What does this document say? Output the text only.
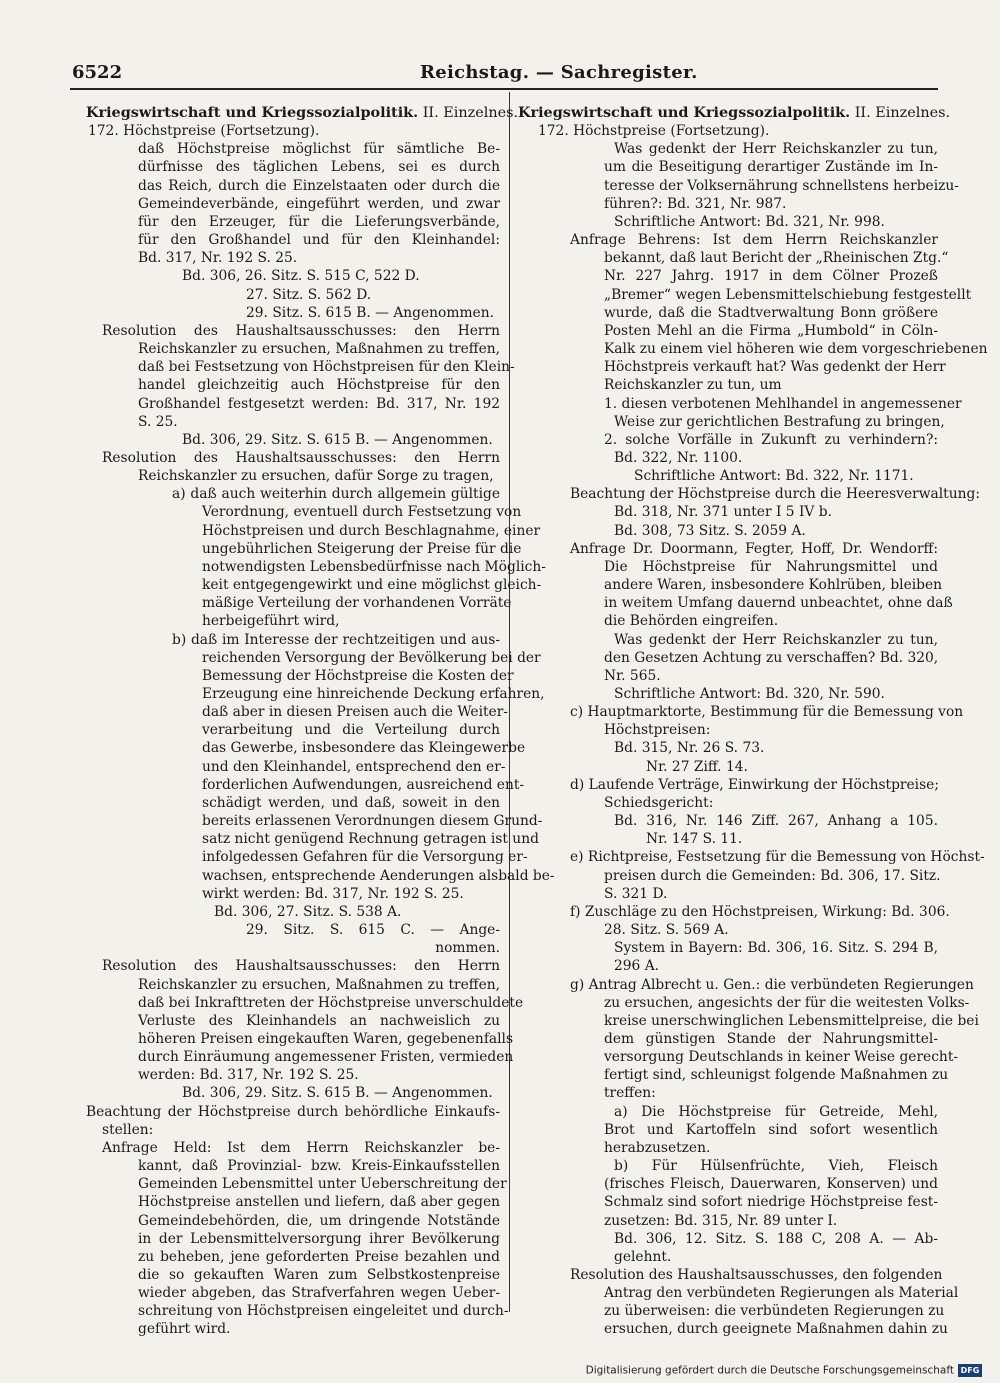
6522	Reichstag. — Sachregister.
Kriegswirtschaft und Kriegssozialpolitik. II. Einzelnes.
172. Höchstpreise (Fortsetzung).
daß Höchstpreise möglichst für sämtliche Be-
dürfnisse des täglichen Lebens, sei es durch
das Reich, durch die Einzelstaaten oder durch die
Gemeindeverbände, eingeführt werden, und zwar
für den Erzeuger, für die Lieferungsverbände,
für den Großhandel und für den Kleinhandel:
Bd. 317, Nr. 192 S. 25.
Bd. 306, 26. Sitz. S. 515 C, 522 D.
27. Sitz. S. 562 D.
29. Sitz. S. 615 B. — Angenommen.
Resolution des Haushaltsausschusses: den Herrn
Reichskanzler zu ersuchen, Maßnahmen zu treffen,
daß bei Festsetzung von Höchstpreisen für den Klein-
handel gleichzeitig auch Höchstpreise für den
Großhandel festgesetzt werden: Bd. 317, Nr. 192
S. 25.
Bd. 306, 29. Sitz. S. 615 B. — Angenommen.
Resolution des Haushaltsausschusses: den Herrn
Reichskanzler zu ersuchen, dafür Sorge zu tragen,
a) daß auch weiterhin durch allgemein gültige
Verordnung, eventuell durch Festsetzung von
Höchstpreisen und durch Beschlagnahme, einer
ungebührlichen Steigerung der Preise für die
notwendigsten Lebensbedürfnisse nach Möglich-
keit entgegengewirkt und eine möglichst gleich-
mäßige Verteilung der vorhandenen Vorräte
herbeigeführt wird,
b) daß im Interesse der rechtzeitigen und aus-
reichenden Versorgung der Bevölkerung bei der
Bemessung der Höchstpreise die Kosten der
Erzeugung eine hinreichende Deckung erfahren,
daß aber in diesen Preisen auch die Weiter-
verarbeitung und die Verteilung durch
das Gewerbe, insbesondere das Kleingewerbe
und den Kleinhandel, entsprechend den er-
forderlichen Aufwendungen, ausreichend ent-
schädigt werden, und daß, soweit in den
bereits erlassenen Verordnungen diesem Grund-
satz nicht genügend Rechnung getragen ist und
infolgedessen Gefahren für die Versorgung er-
wachsen, entsprechende Aenderungen alsbald be-
wirkt werden: Bd. 317, Nr. 192 S. 25.
Bd. 306, 27. Sitz. S. 538 A.
29. Sitz. S. 615 C. — Ange-
nommen.
Resolution des Haushaltsausschusses: den Herrn
Reichskanzler zu ersuchen, Maßnahmen zu treffen,
daß bei Inkrafttreten der Höchstpreise unverschuldete
Verluste des Kleinhandels an nachweislich zu
höheren Preisen eingekauften Waren, gegebenenfalls
durch Einräumung angemessener Fristen, vermieden
werden: Bd. 317, Nr. 192 S. 25.
Bd. 306, 29. Sitz. S. 615 B. — Angenommen.
Beachtung der Höchstpreise durch behördliche Einkaufs-
stellen:
Anfrage Held: Ist dem Herrn Reichskanzler be-
kannt, daß Provinzial- bzw. Kreis-Einkaufsstellen
Gemeinden Lebensmittel unter Ueberschreitung der
Höchstpreise anstellen und liefern, daß aber gegen
Gemeindebehörden, die, um dringende Notstände
in der Lebensmittelversorgung ihrer Bevölkerung
zu beheben, jene geforderten Preise bezahlen und
die so gekauften Waren zum Selbstkostenpreise
wieder abgeben, das Strafverfahren wegen Ueber-
schreitung von Höchstpreisen eingeleitet und durch-
geführt wird.
Kriegswirtschaft und Kriegssozialpolitik. II. Einzelnes.
172. Höchstpreise (Fortsetzung).
Was gedenkt der Herr Reichskanzler zu tun,
um die Beseitigung derartiger Zustände im In-
teresse der Volksernährung schnellstens herbeizu-
führen?: Bd. 321, Nr. 987.
Schriftliche Antwort: Bd. 321, Nr. 998.
Anfrage Behrens: Ist dem Herrn Reichskanzler
bekannt, daß laut Bericht der „Rheinischen Ztg.“
Nr. 227 Jahrg. 1917 in dem Cölner Prozeß
„Bremer“ wegen Lebensmittelschiebung festgestellt
wurde, daß die Stadtverwaltung Bonn größere
Posten Mehl an die Firma „Humbold“ in Cöln-
Kalk zu einem viel höheren wie dem vorgeschriebenen
Höchstpreis verkauft hat? Was gedenkt der Herr
Reichskanzler zu tun, um
1. diesen verbotenen Mehlhandel in angemessener
Weise zur gerichtlichen Bestrafung zu bringen,
2. solche Vorfälle in Zukunft zu verhindern?:
Bd. 322, Nr. 1100.
Schriftliche Antwort: Bd. 322, Nr. 1171.
Beachtung der Höchstpreise durch die Heeresverwaltung:
Bd. 318, Nr. 371 unter I 5 IV b.
Bd. 308, 73 Sitz. S. 2059 A.
Anfrage Dr. Doormann, Fegter, Hoff, Dr. Wendorff:
Die Höchstpreise für Nahrungsmittel und
andere Waren, insbesondere Kohlrüben, bleiben
in weitem Umfang dauernd unbeachtet, ohne daß
die Behörden eingreifen.
Was gedenkt der Herr Reichskanzler zu tun,
den Gesetzen Achtung zu verschaffen? Bd. 320,
Nr. 565.
Schriftliche Antwort: Bd. 320, Nr. 590.
c) Hauptmarktorte, Bestimmung für die Bemessung von
Höchstpreisen:
Bd. 315, Nr. 26 S. 73.
Nr. 27 Ziff. 14.
d) Laufende Verträge, Einwirkung der Höchstpreise;
Schiedsgericht:
Bd. 316, Nr. 146 Ziff. 267, Anhang a 105.
Nr. 147 S. 11.
e) Richtpreise, Festsetzung für die Bemessung von Höchst-
preisen durch die Gemeinden: Bd. 306, 17. Sitz.
S. 321 D.
f) Zuschläge zu den Höchstpreisen, Wirkung: Bd. 306.
28. Sitz. S. 569 A.
System in Bayern: Bd. 306, 16. Sitz. S. 294 B,
296 A.
g) Antrag Albrecht u. Gen.: die verbündeten Regierungen
zu ersuchen, angesichts der für die weitesten Volks-
kreise unerschwinglichen Lebensmittelpreise, die bei
dem günstigen Stande der Nahrungsmittel-
versorgung Deutschlands in keiner Weise gerecht-
fertigt sind, schleunigst folgende Maßnahmen zu
treffen:
a) Die Höchstpreise für Getreide, Mehl,
Brot und Kartoffeln sind sofort wesentlich
herabzusetzen.
b) Für Hülsenfrüchte, Vieh, Fleisch
(frisches Fleisch, Dauerwaren, Konserven) und
Schmalz sind sofort niedrige Höchstpreise fest-
zusetzen: Bd. 315, Nr. 89 unter I.
Bd. 306, 12. Sitz. S. 188 C, 208 A. — Ab-
gelehnt.
Resolution des Haushaltsausschusses, den folgenden
Antrag den verbündeten Regierungen als Material
zu überweisen: die verbündeten Regierungen zu
ersuchen, durch geeignete Maßnahmen dahin zu
Digitalisierung gefördert durch die Deutsche Forschungsgemeinschaft DFG
